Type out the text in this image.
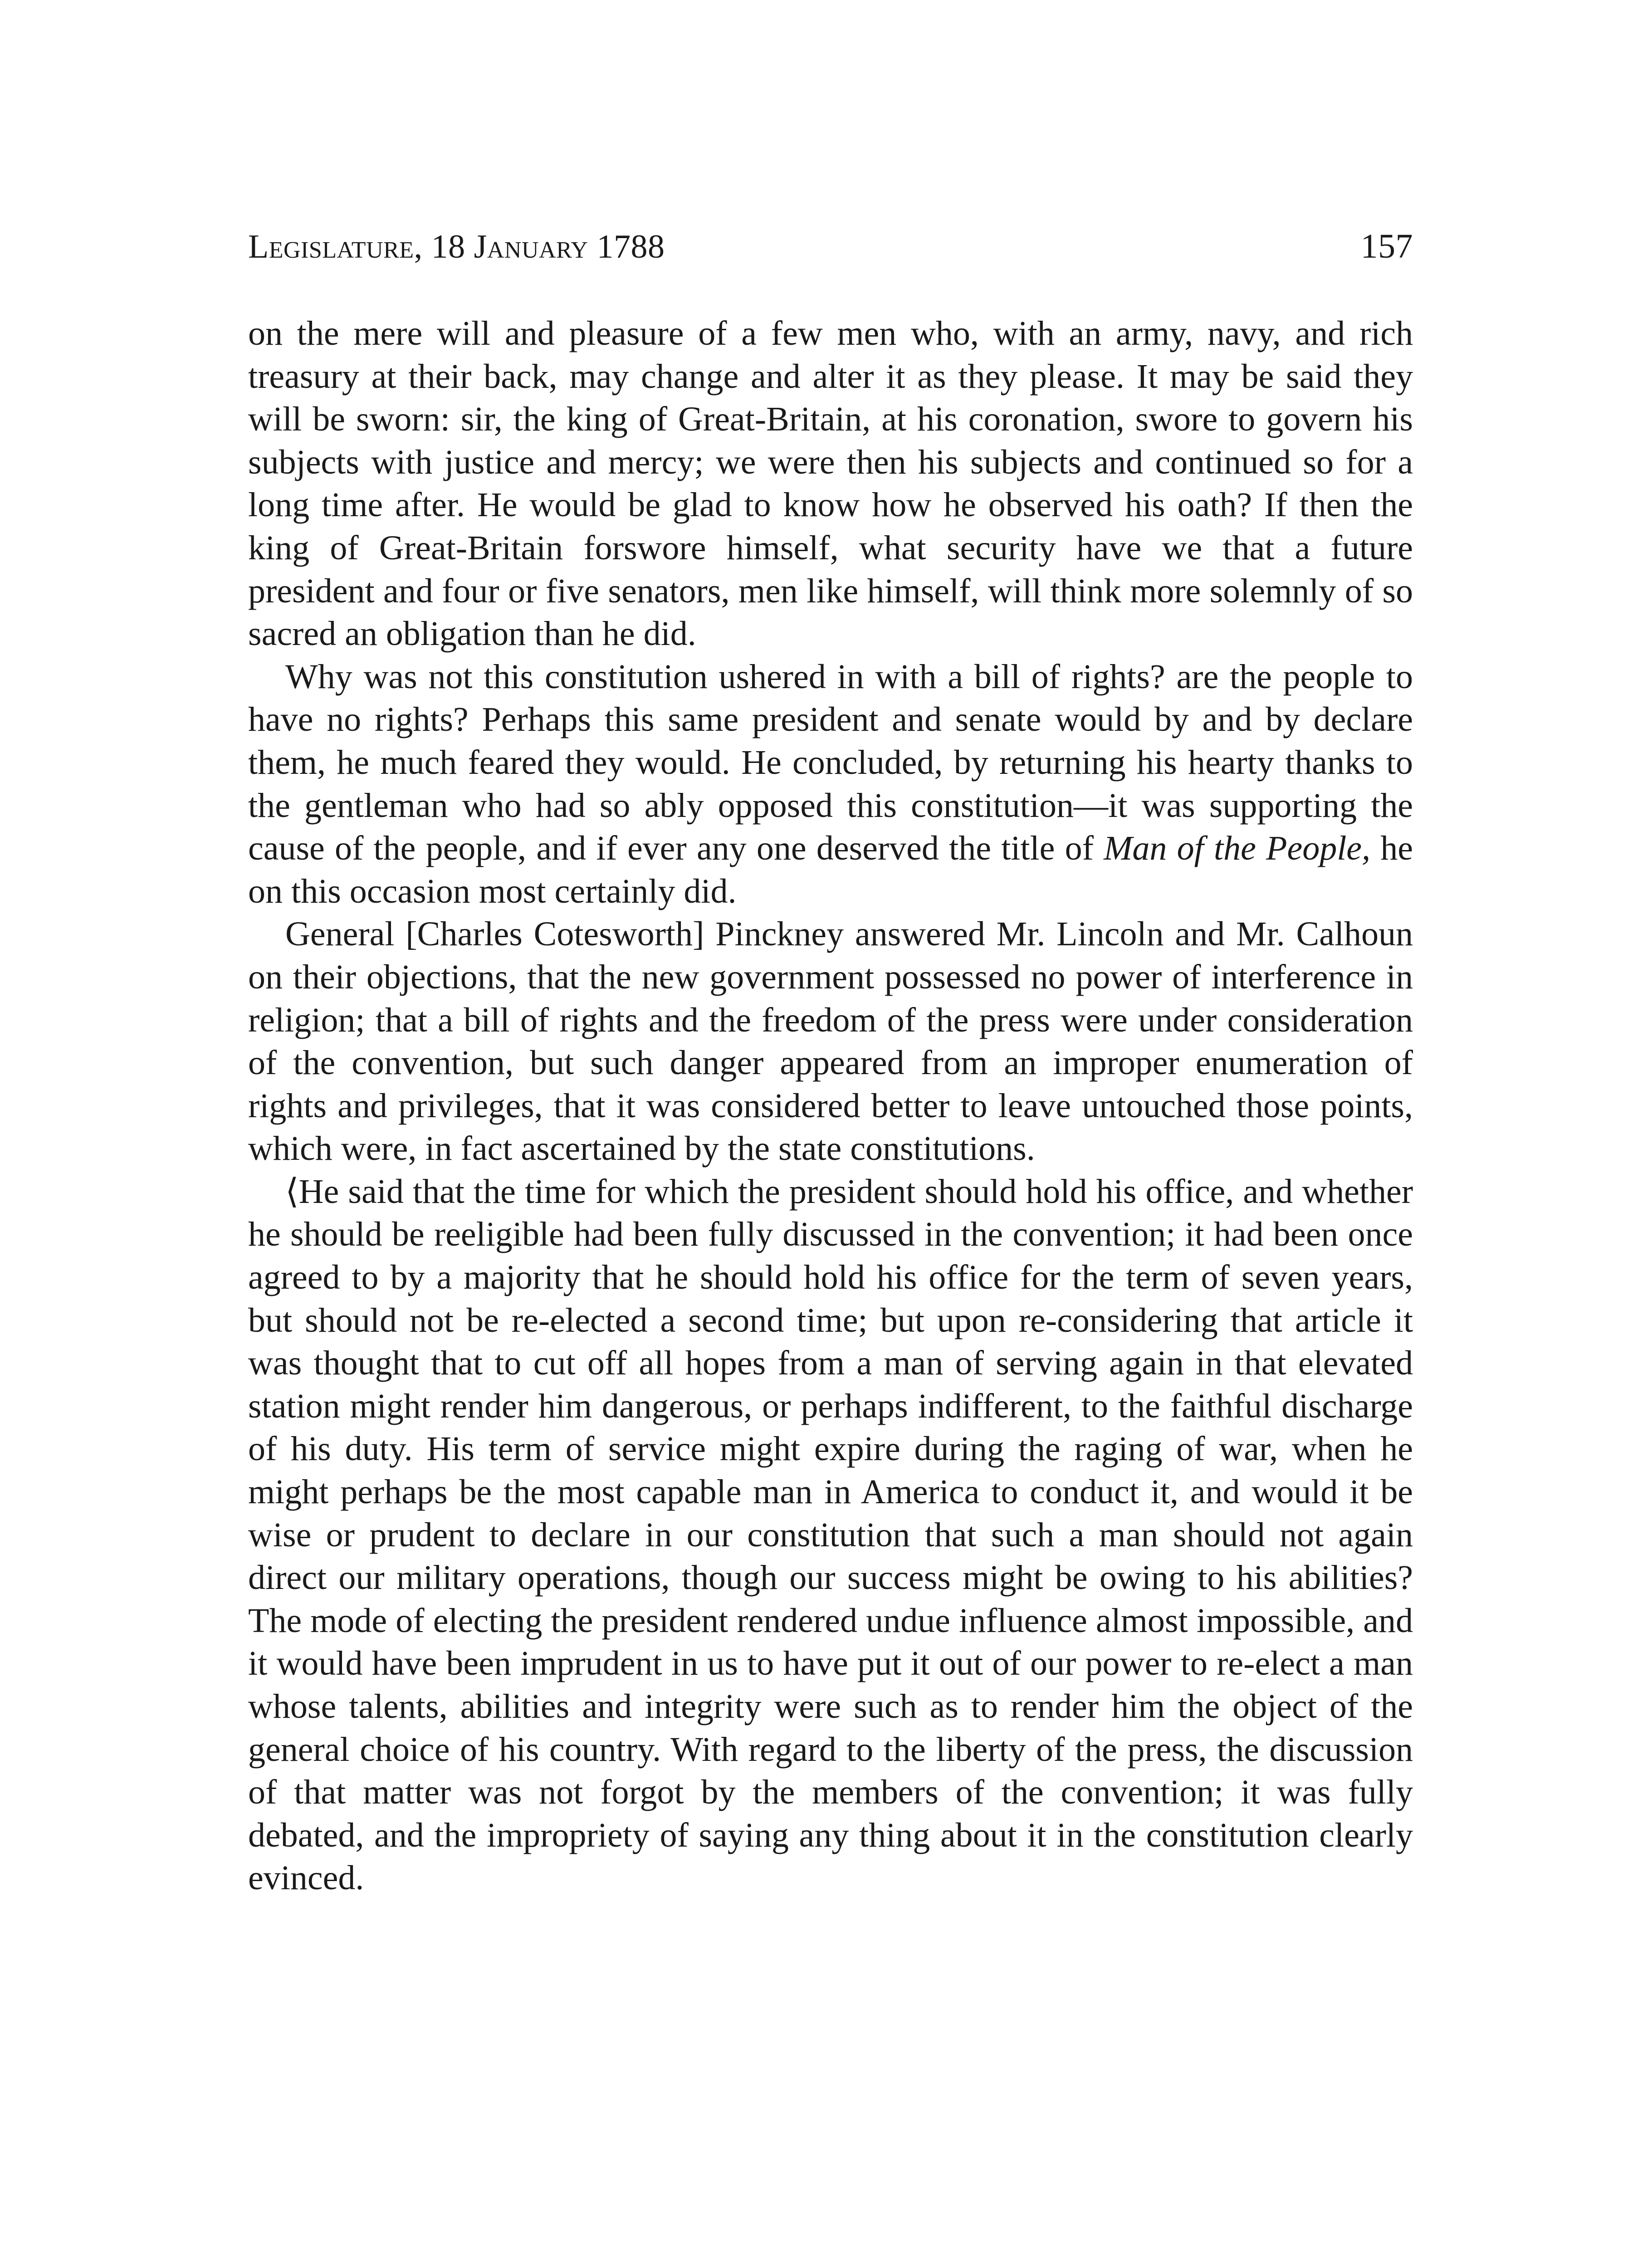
Legislature, 18 January 1788	157

on the mere will and pleasure of a few men who, with an army, navy, and rich treasury at their back, may change and alter it as they please. It may be said they will be sworn: sir, the king of Great-Britain, at his coronation, swore to govern his subjects with justice and mercy; we were then his subjects and continued so for a long time after. He would be glad to know how he observed his oath? If then the king of Great-Britain forswore himself, what security have we that a future president and four or five senators, men like himself, will think more solemnly of so sacred an obligation than he did.

Why was not this constitution ushered in with a bill of rights? are the people to have no rights? Perhaps this same president and senate would by and by declare them, he much feared they would. He concluded, by returning his hearty thanks to the gentleman who had so ably opposed this constitution—it was supporting the cause of the people, and if ever any one deserved the title of Man of the People, he on this occasion most certainly did.

General [Charles Cotesworth] Pinckney answered Mr. Lincoln and Mr. Calhoun on their objections, that the new government possessed no power of interference in religion; that a bill of rights and the freedom of the press were under consideration of the convention, but such danger appeared from an improper enumeration of rights and privileges, that it was considered better to leave untouched those points, which were, in fact ascertained by the state constitutions.

⟨He said that the time for which the president should hold his office, and whether he should be reeligible had been fully discussed in the convention; it had been once agreed to by a majority that he should hold his office for the term of seven years, but should not be re-elected a second time; but upon re-considering that article it was thought that to cut off all hopes from a man of serving again in that elevated station might render him dangerous, or perhaps indifferent, to the faithful discharge of his duty. His term of service might expire during the raging of war, when he might perhaps be the most capable man in America to conduct it, and would it be wise or prudent to declare in our constitution that such a man should not again direct our military operations, though our success might be owing to his abilities? The mode of electing the president rendered undue influence almost impossible, and it would have been imprudent in us to have put it out of our power to re-elect a man whose talents, abilities and integrity were such as to render him the object of the general choice of his country. With regard to the liberty of the press, the discussion of that matter was not forgot by the members of the convention; it was fully debated, and the impropriety of saying any thing about it in the constitution clearly evinced.
